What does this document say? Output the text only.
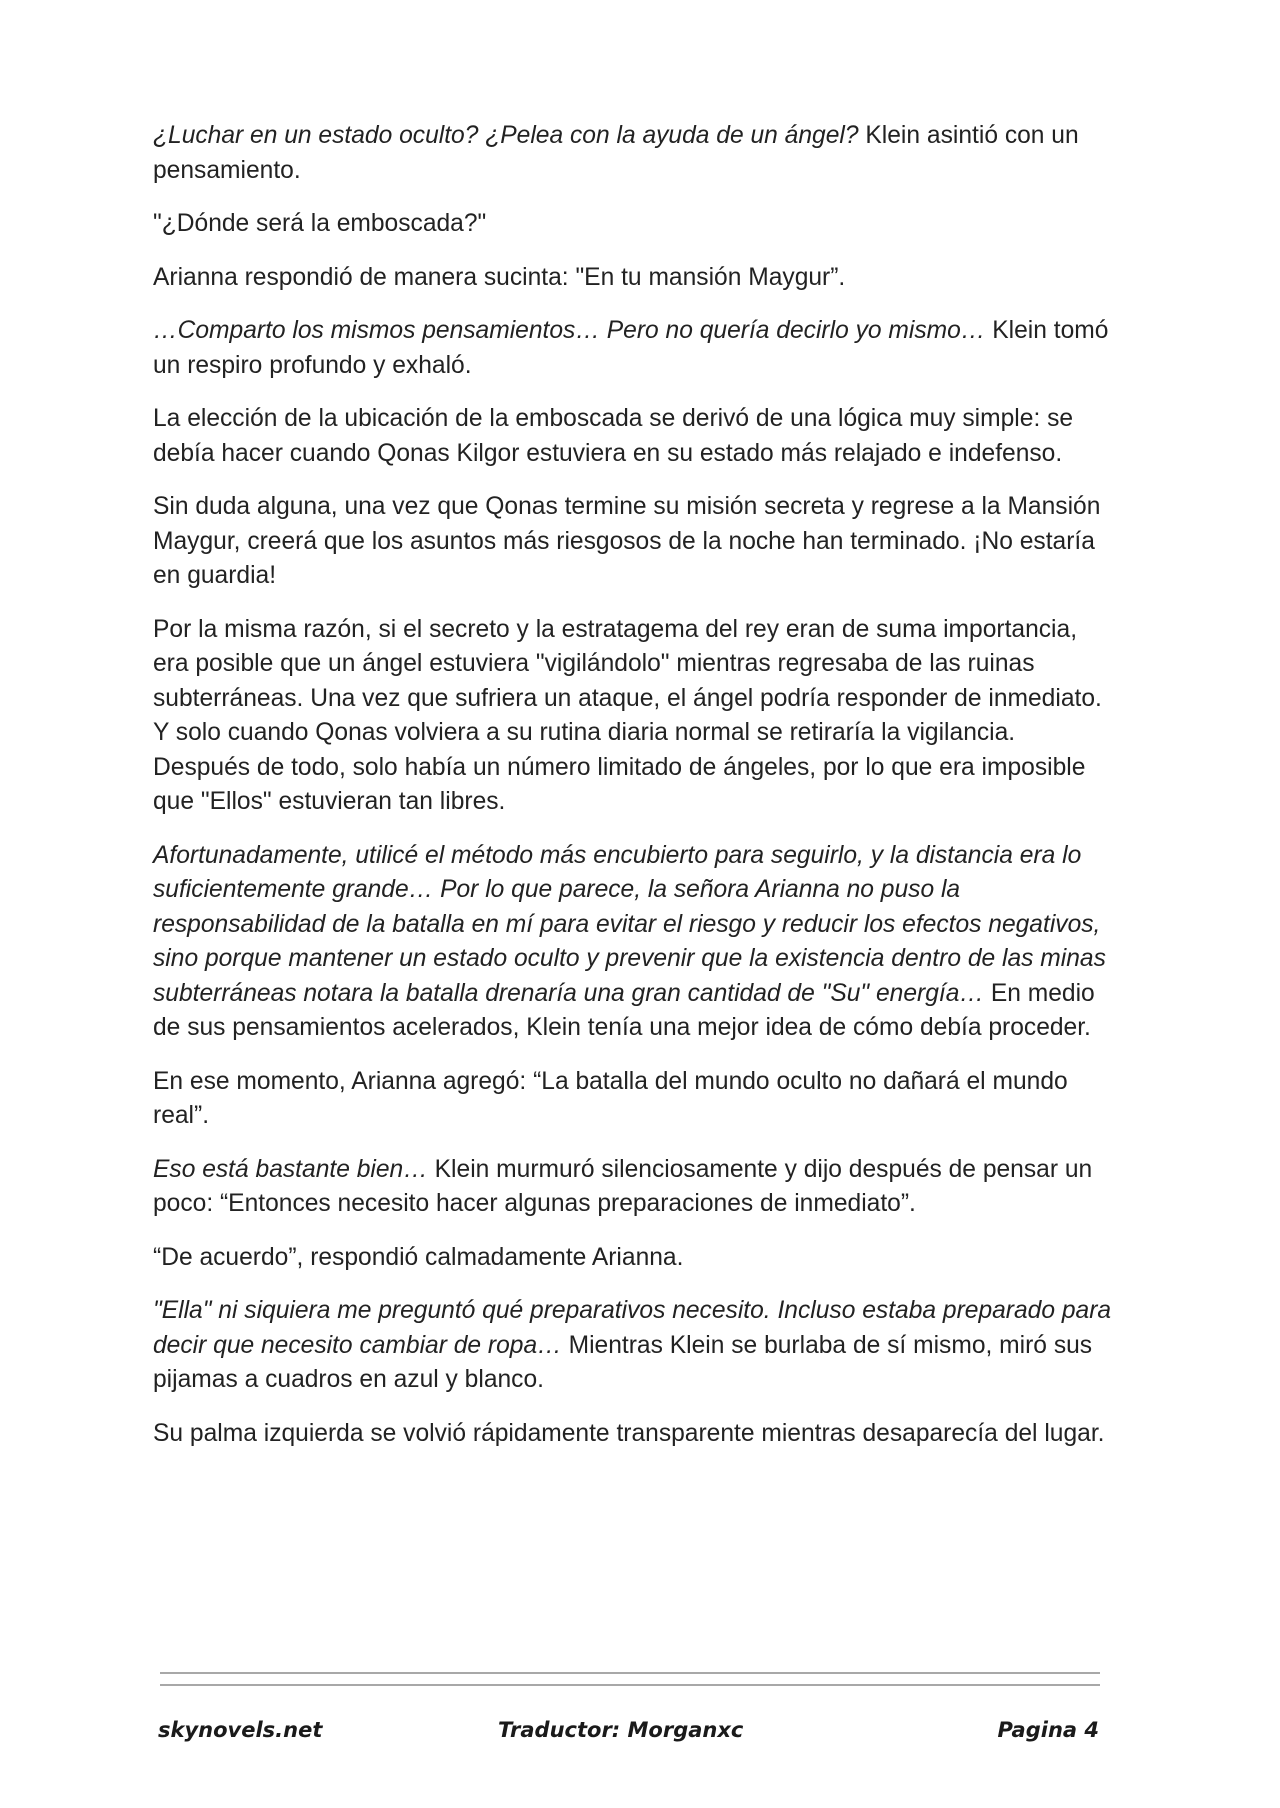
¿Luchar en un estado oculto? ¿Pelea con la ayuda de un ángel? Klein asintió con un pensamiento.

"¿Dónde será la emboscada?"

Arianna respondió de manera sucinta: "En tu mansión Maygur”.

…Comparto los mismos pensamientos… Pero no quería decirlo yo mismo… Klein tomó un respiro profundo y exhaló.

La elección de la ubicación de la emboscada se derivó de una lógica muy simple: se debía hacer cuando Qonas Kilgor estuviera en su estado más relajado e indefenso.

Sin duda alguna, una vez que Qonas termine su misión secreta y regrese a la Mansión Maygur, creerá que los asuntos más riesgosos de la noche han terminado. ¡No estaría en guardia!

Por la misma razón, si el secreto y la estratagema del rey eran de suma importancia, era posible que un ángel estuviera "vigilándolo" mientras regresaba de las ruinas subterráneas. Una vez que sufriera un ataque, el ángel podría responder de inmediato. Y solo cuando Qonas volviera a su rutina diaria normal se retiraría la vigilancia. Después de todo, solo había un número limitado de ángeles, por lo que era imposible que "Ellos" estuvieran tan libres.

Afortunadamente, utilicé el método más encubierto para seguirlo, y la distancia era lo suficientemente grande… Por lo que parece, la señora Arianna no puso la responsabilidad de la batalla en mí para evitar el riesgo y reducir los efectos negativos, sino porque mantener un estado oculto y prevenir que la existencia dentro de las minas subterráneas notara la batalla drenaría una gran cantidad de "Su" energía… En medio de sus pensamientos acelerados, Klein tenía una mejor idea de cómo debía proceder.

En ese momento, Arianna agregó: “La batalla del mundo oculto no dañará el mundo real”.

Eso está bastante bien… Klein murmuró silenciosamente y dijo después de pensar un poco: “Entonces necesito hacer algunas preparaciones de inmediato”.

“De acuerdo”, respondió calmadamente Arianna.

"Ella" ni siquiera me preguntó qué preparativos necesito. Incluso estaba preparado para decir que necesito cambiar de ropa… Mientras Klein se burlaba de sí mismo, miró sus pijamas a cuadros en azul y blanco.

Su palma izquierda se volvió rápidamente transparente mientras desaparecía del lugar.

skynovels.net	Traductor: Morganxc	Pagina 4
